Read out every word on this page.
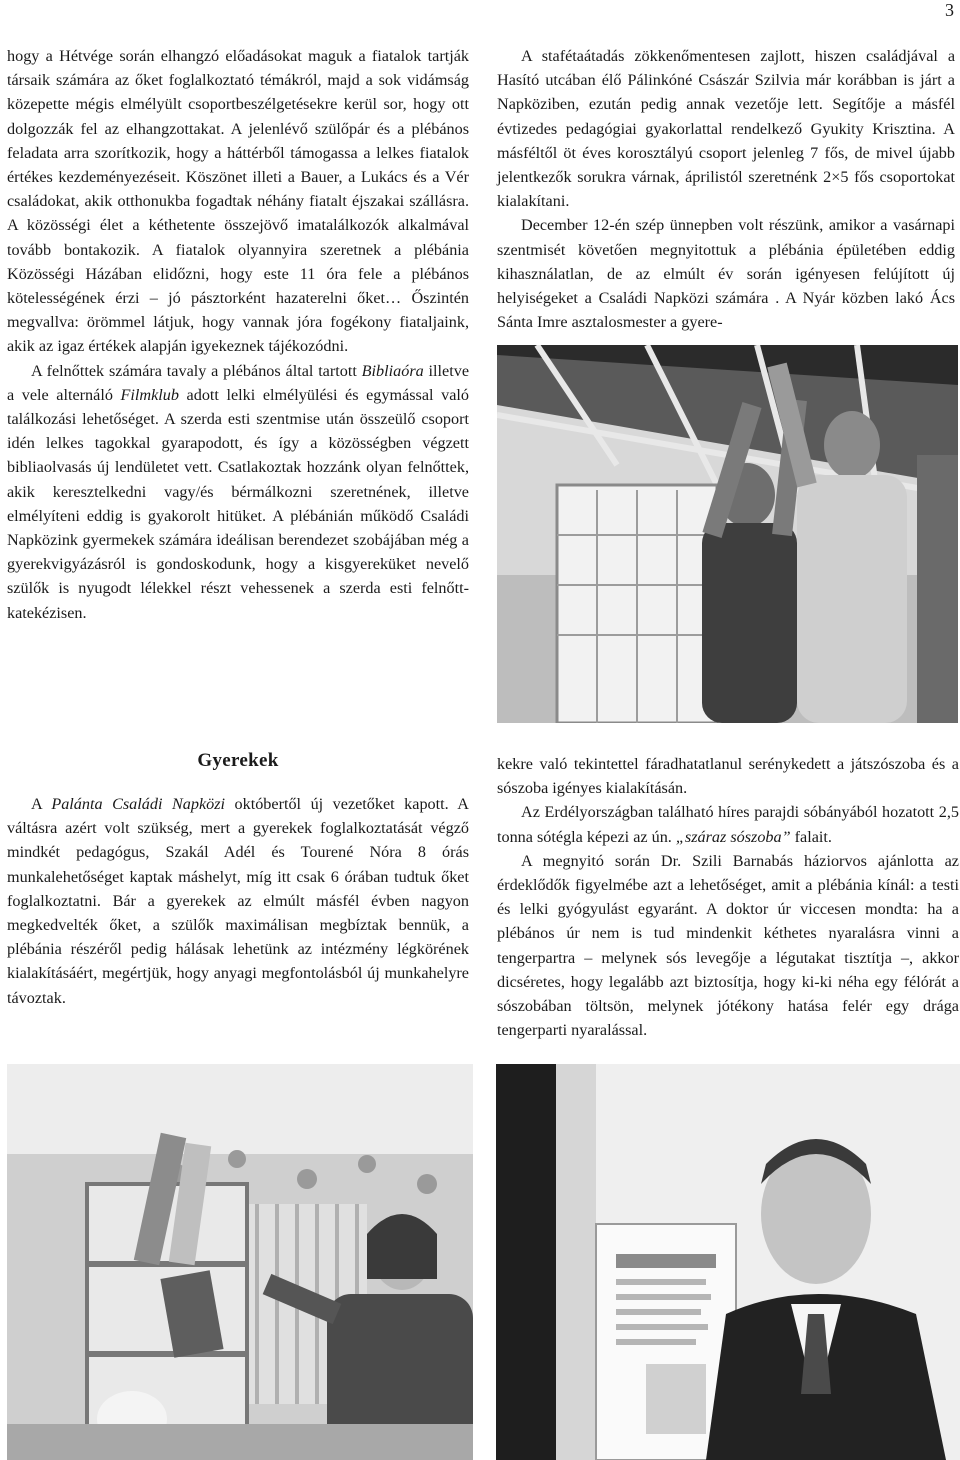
3

hogy a Hétvége során elhangzó előadásokat maguk a fiatalok tartják társaik számára az őket foglalkoztató témákról, majd a sok vidámság közepette mégis elmélyült csoportbeszélgetésekre kerül sor, hogy ott dolgozzák fel az elhangzottakat. A jelenlévő szülőpár és a plébános feladata arra szorítkozik, hogy a háttérből támogassa a lelkes fiatalok értékes kezdeményezéseit. Köszönet illeti a Bauer, a Lukács és a Vér családokat, akik otthonukba fogadtak néhány fiatalt éjszakai szállásra. A közösségi élet a kéthetente összejövő imatalálkozók alkalmával tovább bontakozik. A fiatalok olyannyira szeretnek a plébánia Közösségi Házában elidőzni, hogy este 11 óra fele a plébános kötelességének érzi – jó pásztorként hazaterelni őket… Őszintén megvallva: örömmel látjuk, hogy vannak jóra fogékony fiataljaink, akik az igaz értékek alapján igyekeznek tájékozódni.

A felnőttek számára tavaly a plébános által tartott Bibliaóra illetve a vele alternáló Filmklub adott lelki elmélyülési és egymással való találkozási lehetőséget. A szerda esti szentmise után összeülő csoport idén lelkes tagokkal gyarapodott, és így a közösségben végzett bibliaolvasás új lendületet vett. Csatlakoztak hozzánk olyan felnőttek, akik keresztelkedni vagy/és bérmálkozni szeretnének, illetve elmélyíteni eddig is gyakorolt hitüket. A plébánián működő Családi Napközink gyermekek számára ideálisan berendezet szobájában még a gyerekvigyázásról is gondoskodunk, hogy a kisgyereküket nevelő szülők is nyugodt lélekkel részt vehessenek a szerda esti felnőtt-katekézisen.

A stafétaátadás zökkenőmentesen zajlott, hiszen családjával a Hasító utcában élő Pálinkóné Császár Szilvia már korábban is járt a Napköziben, ezután pedig annak vezetője lett. Segítője a másfél évtizedes pedagógiai gyakorlattal rendelkező Gyukity Krisztina. A másféltől öt éves korosztályú csoport jelenleg 7 fős, de mivel újabb jelentkezők sorukra várnak, áprilistól szeretnénk 2×5 fős csoportokat kialakítani.

December 12-én szép ünnepben volt részünk, amikor a vasárnapi szentmisét követően megnyitottuk a plébánia épületében eddig kihasználatlan, de az elmúlt év során igényesen felújított új helyiségeket a Családi Napközi számára . A Nyár közben lakó Ács Sánta Imre asztalosmester a gyere-

Gyerekek

A Palánta Családi Napközi októbertől új vezetőket kapott. A váltásra azért volt szükség, mert a gyerekek foglalkoztatását végző mindkét pedagógus, Szakál Adél és Tourené Nóra 8 órás munkalehetőséget kaptak máshelyt, míg itt csak 6 órában tudtuk őket foglalkoztatni. Bár a gyerekek az elmúlt másfél évben nagyon megkedvelték őket, a szülők maximálisan megbíztak bennük, a plébánia részéről pedig hálásak lehetünk az intézmény légkörének kialakításáért, megértjük, hogy anyagi megfontolásból új munkahelyre távoztak.

kekre való tekintettel fáradhatatlanul serénykedett a játszószoba és a sószoba igényes kialakításán.

Az Erdélyországban található híres parajdi sóbányából hozatott 2,5 tonna sótégla képezi az ún. „száraz sószoba” falait.

A megnyitó során Dr. Szili Barnabás háziorvos ajánlotta az érdeklődők figyelmébe azt a lehetőséget, amit a plébánia kínál: a testi és lelki gyógyulást egyaránt. A doktor úr viccesen mondta: ha a plébános úr nem is tud mindenkit kéthetes nyaralásra vinni a tengerpartra – melynek sós levegője a légutakat tisztítja –, akkor dicséretes, hogy legalább azt biztosítja, hogy ki-ki néha egy félórát a sószobában töltsön, melynek jótékony hatása felér egy drága tengerparti nyaralással.
